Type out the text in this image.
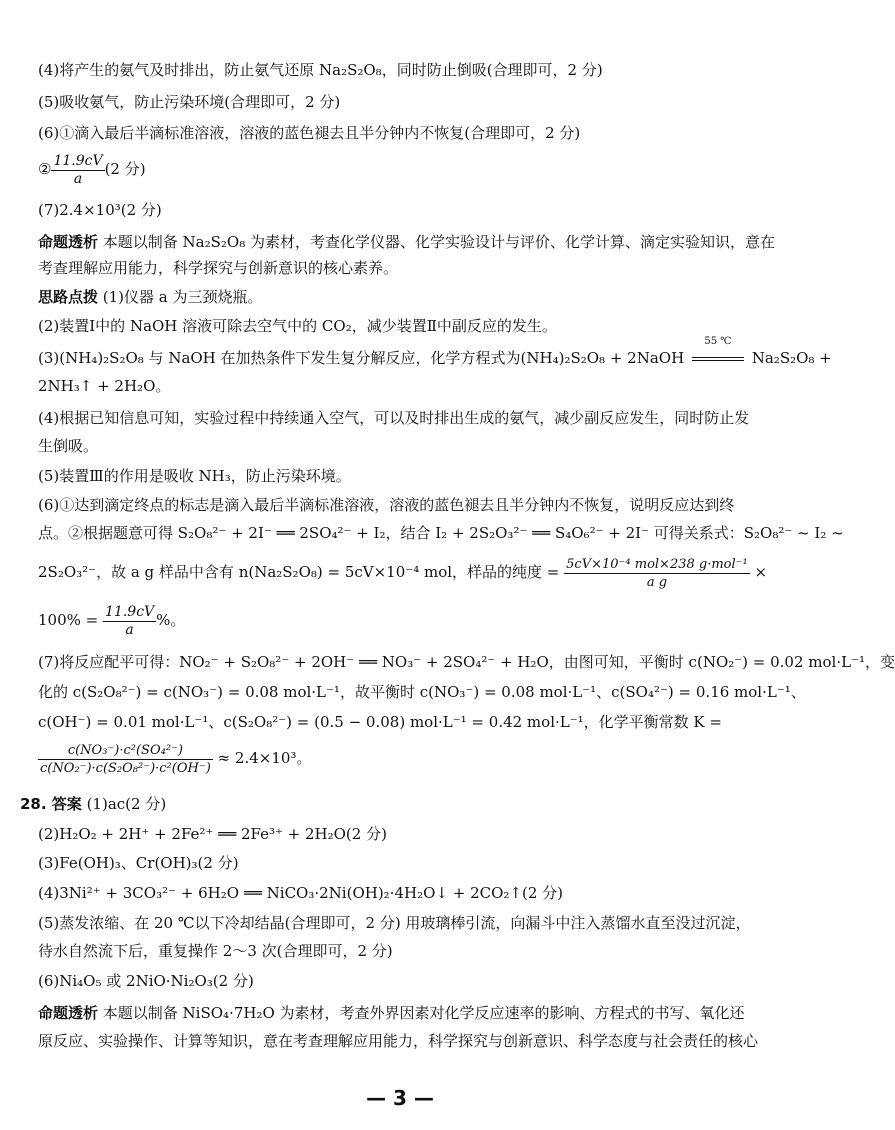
(4)将产生的氨气及时排出，防止氨气还原 Na₂S₂O₈，同时防止倒吸(合理即可，2 分)
(5)吸收氨气，防止污染环境(合理即可，2 分)
(6)①滴入最后半滴标准溶液，溶液的蓝色褪去且半分钟内不恢复(合理即可，2 分)
② $\frac{11.9cV}{a} (2$ 分)
(7)2.4×10³(2 分)
命题透析 本题以制备 Na₂S₂O₈ 为素材，考查化学仪器、化学实验设计与评价、化学计算、滴定实验知识，意在
考查理解应用能力，科学探究与创新意识的核心素养。
思路点拨 (1)仪器 a 为三颈烧瓶。
(2)装置Ⅰ中的 NaOH 溶液可除去空气中的 CO₂，减少装置Ⅱ中副反应的发生。
(3)(NH₄)₂S₂O₈ 与 NaOH 在加热条件下发生复分解反应，化学方程式为(NH₄)₂S₂O₈ + 2NaOH
55 ℃
Na₂S₂O₈ +
2NH₃↑ + 2H₂O。
(4)根据已知信息可知，实验过程中持续通入空气，可以及时排出生成的氨气，减少副反应发生，同时防止发
生倒吸。
(5)装置Ⅲ的作用是吸收 NH₃，防止污染环境。
(6)①达到滴定终点的标志是滴入最后半滴标准溶液，溶液的蓝色褪去且半分钟内不恢复，说明反应达到终
点。②根据题意可得 S₂O₈²⁻ + 2I⁻ ══ 2SO₄²⁻ + I₂，结合 I₂ + 2S₂O₃²⁻ ══ S₄O₆²⁻ + 2I⁻ 可得关系式：S₂O₈²⁻ ~ I₂ ~
2S₂O₃²⁻，故 a g 样品中含有 n(Na₂S₂O₈) = 5cV×10⁻⁴ mol，样品的纯度 = $\frac{\text{5cV×10⁻⁴ mol×238 g·mol⁻¹}}{\text{a g}}$ ×
$100\% = \frac{11.9cV}{a}$ %。
(7)将反应配平可得：NO₂⁻ + S₂O₈²⁻ + 2OH⁻ ══ NO₃⁻ + 2SO₄²⁻ + H₂O，由图可知，平衡时 c(NO₂⁻) = 0.02 mol·L⁻¹，变
化的 c(S₂O₈²⁻) = c(NO₃⁻) = 0.08 mol·L⁻¹，故平衡时 c(NO₃⁻) = 0.08 mol·L⁻¹、c(SO₄²⁻) = 0.16 mol·L⁻¹、
c(OH⁻) = 0.01 mol·L⁻¹、c(S₂O₈²⁻) = (0.5 − 0.08) mol·L⁻¹ = 0.42 mol·L⁻¹，化学平衡常数 K =
$\frac{\text{c(NO₃⁻)·c²(SO₄²⁻)}}{\text{c(NO₂⁻)·c(S₂O₈²⁻)·c²(OH⁻)}} \approx 2.4\times 10^3$。
28. 答案 (1)ac(2 分)
(2)H₂O₂ + 2H⁺ + 2Fe²⁺ ══ 2Fe³⁺ + 2H₂O(2 分)
(3)Fe(OH)₃、Cr(OH)₃(2 分)
(4)3Ni²⁺ + 3CO₃²⁻ + 6H₂O ══ NiCO₃·2Ni(OH)₂·4H₂O↓ + 2CO₂↑(2 分)
(5)蒸发浓缩、在 20 ℃以下冷却结晶(合理即可，2 分) 用玻璃棒引流，向漏斗中注入蒸馏水直至没过沉淀，
待水自然流下后，重复操作 2～3 次(合理即可，2 分)
(6)Ni₄O₅ 或 2NiO·Ni₂O₃(2 分)
命题透析 本题以制备 NiSO₄·7H₂O 为素材，考查外界因素对化学反应速率的影响、方程式的书写、氧化还
原反应、实验操作、计算等知识，意在考查理解应用能力，科学探究与创新意识、科学态度与社会责任的核心
— 3 —
